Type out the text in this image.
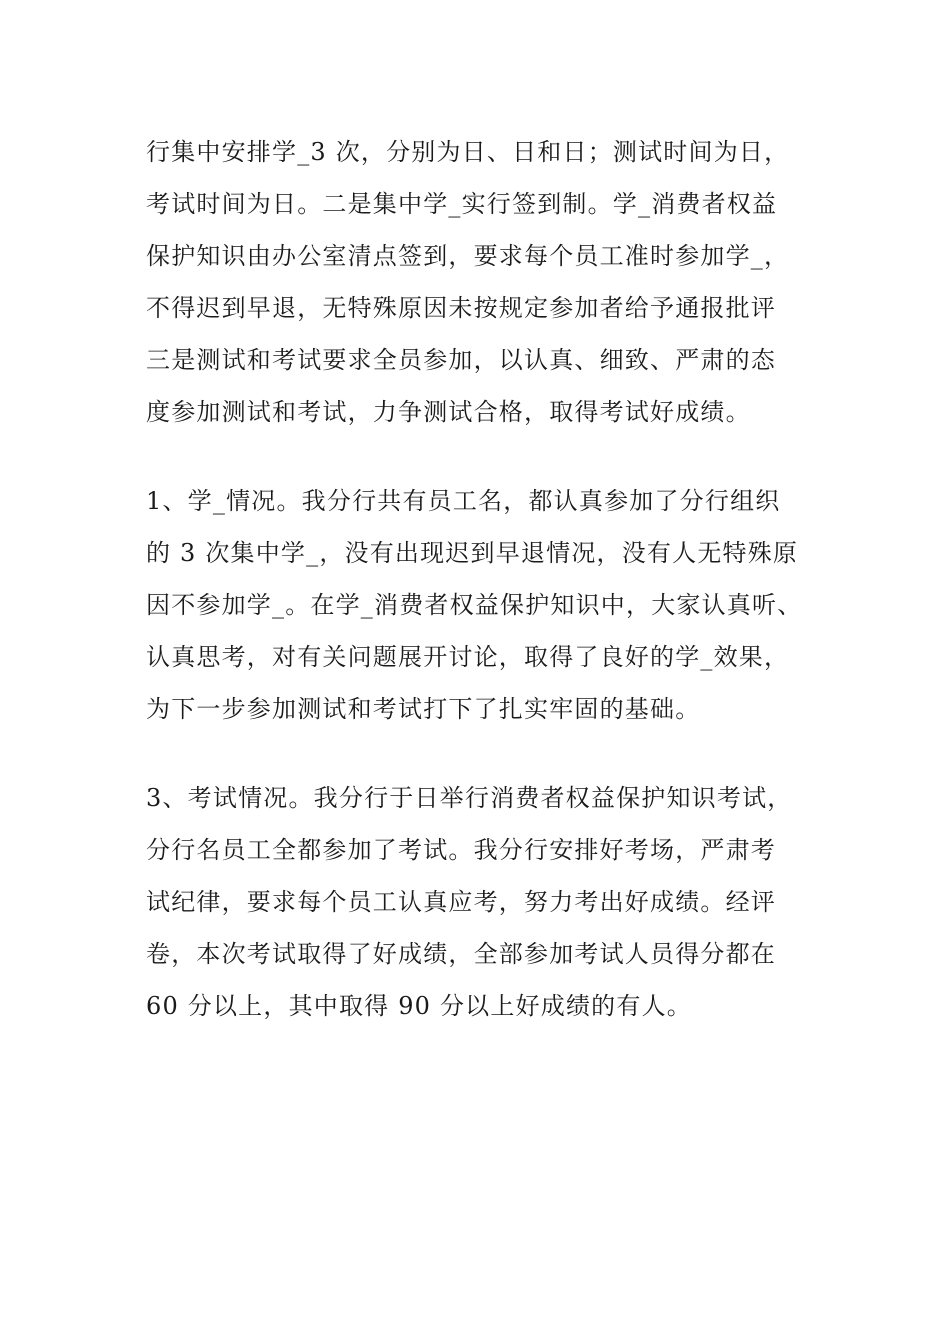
行集中安排学_3 次，分别为日、日和日；测试时间为日，
考试时间为日。二是集中学_实行签到制。学_消费者权益
保护知识由办公室清点签到，要求每个员工准时参加学_，
不得迟到早退，无特殊原因未按规定参加者给予通报批评
三是测试和考试要求全员参加，以认真、细致、严肃的态
度参加测试和考试，力争测试合格，取得考试好成绩。
1、学_情况。我分行共有员工名，都认真参加了分行组织
的 3 次集中学_，没有出现迟到早退情况，没有人无特殊原
因不参加学_。在学_消费者权益保护知识中，大家认真听、
认真思考，对有关问题展开讨论，取得了良好的学_效果，
为下一步参加测试和考试打下了扎实牢固的基础。
3、考试情况。我分行于日举行消费者权益保护知识考试，
分行名员工全都参加了考试。我分行安排好考场，严肃考
试纪律，要求每个员工认真应考，努力考出好成绩。经评
卷，本次考试取得了好成绩，全部参加考试人员得分都在
60 分以上，其中取得 90 分以上好成绩的有人。
